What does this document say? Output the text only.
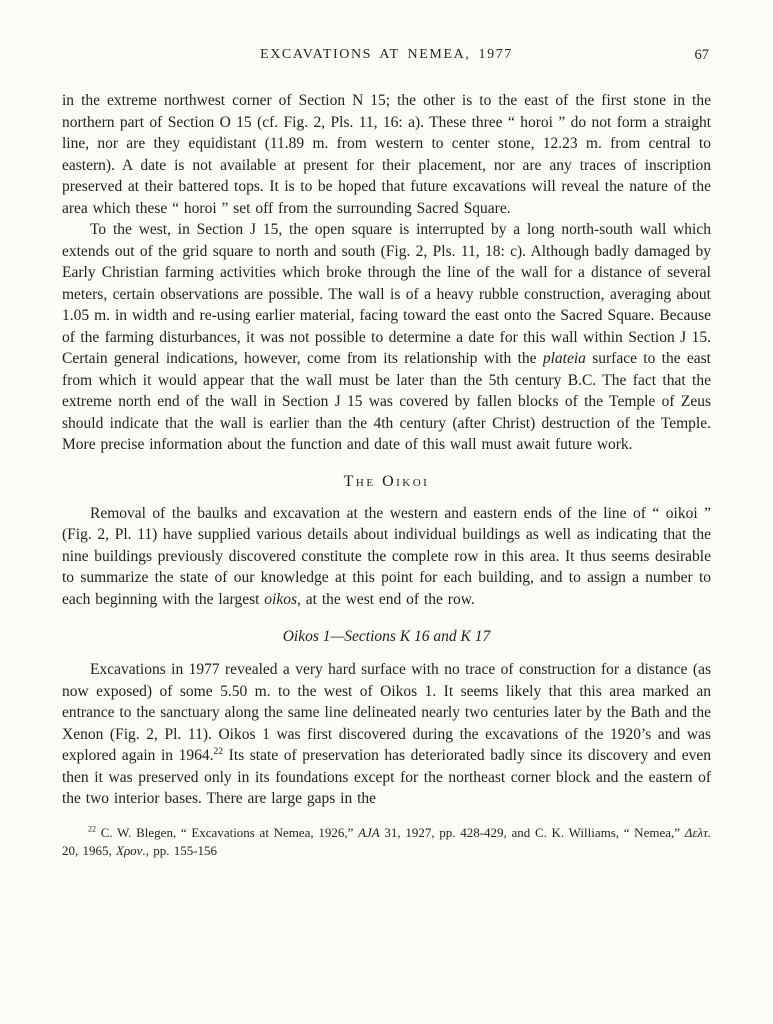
EXCAVATIONS AT NEMEA, 1977	67

in the extreme northwest corner of Section N 15; the other is to the east of the first stone in the northern part of Section O 15 (cf. Fig. 2, Pls. 11, 16: a). These three “ horoi ” do not form a straight line, nor are they equidistant (11.89 m. from western to center stone, 12.23 m. from central to eastern). A date is not available at present for their placement, nor are any traces of inscription preserved at their battered tops. It is to be hoped that future excavations will reveal the nature of the area which these “ horoi ” set off from the surrounding Sacred Square.

To the west, in Section J 15, the open square is interrupted by a long north-south wall which extends out of the grid square to north and south (Fig. 2, Pls. 11, 18: c). Although badly damaged by Early Christian farming activities which broke through the line of the wall for a distance of several meters, certain observations are possible. The wall is of a heavy rubble construction, averaging about 1.05 m. in width and re-using earlier material, facing toward the east onto the Sacred Square. Because of the farming disturbances, it was not possible to determine a date for this wall within Section J 15. Certain general indications, however, come from its relationship with the plateia surface to the east from which it would appear that the wall must be later than the 5th century B.C. The fact that the extreme north end of the wall in Section J 15 was covered by fallen blocks of the Temple of Zeus should indicate that the wall is earlier than the 4th century (after Christ) destruction of the Temple. More precise information about the function and date of this wall must await future work.

The Oikoi

Removal of the baulks and excavation at the western and eastern ends of the line of “ oikoi ” (Fig. 2, Pl. 11) have supplied various details about individual buildings as well as indicating that the nine buildings previously discovered constitute the complete row in this area. It thus seems desirable to summarize the state of our knowledge at this point for each building, and to assign a number to each beginning with the largest oikos, at the west end of the row.

Oikos 1—Sections K 16 and K 17

Excavations in 1977 revealed a very hard surface with no trace of construction for a distance (as now exposed) of some 5.50 m. to the west of Oikos 1. It seems likely that this area marked an entrance to the sanctuary along the same line delineated nearly two centuries later by the Bath and the Xenon (Fig. 2, Pl. 11). Oikos 1 was first discovered during the excavations of the 1920’s and was explored again in 1964.22 Its state of preservation has deteriorated badly since its discovery and even then it was preserved only in its foundations except for the northeast corner block and the eastern of the two interior bases. There are large gaps in the

$^{22}$ C. W. Blegen, “ Excavations at Nemea, 1926,” AJA 31, 1927, pp. 428-429, and C. K. Williams, “ Nemea,” Δελτ. 20, 1965, Χρον., pp. 155-156
